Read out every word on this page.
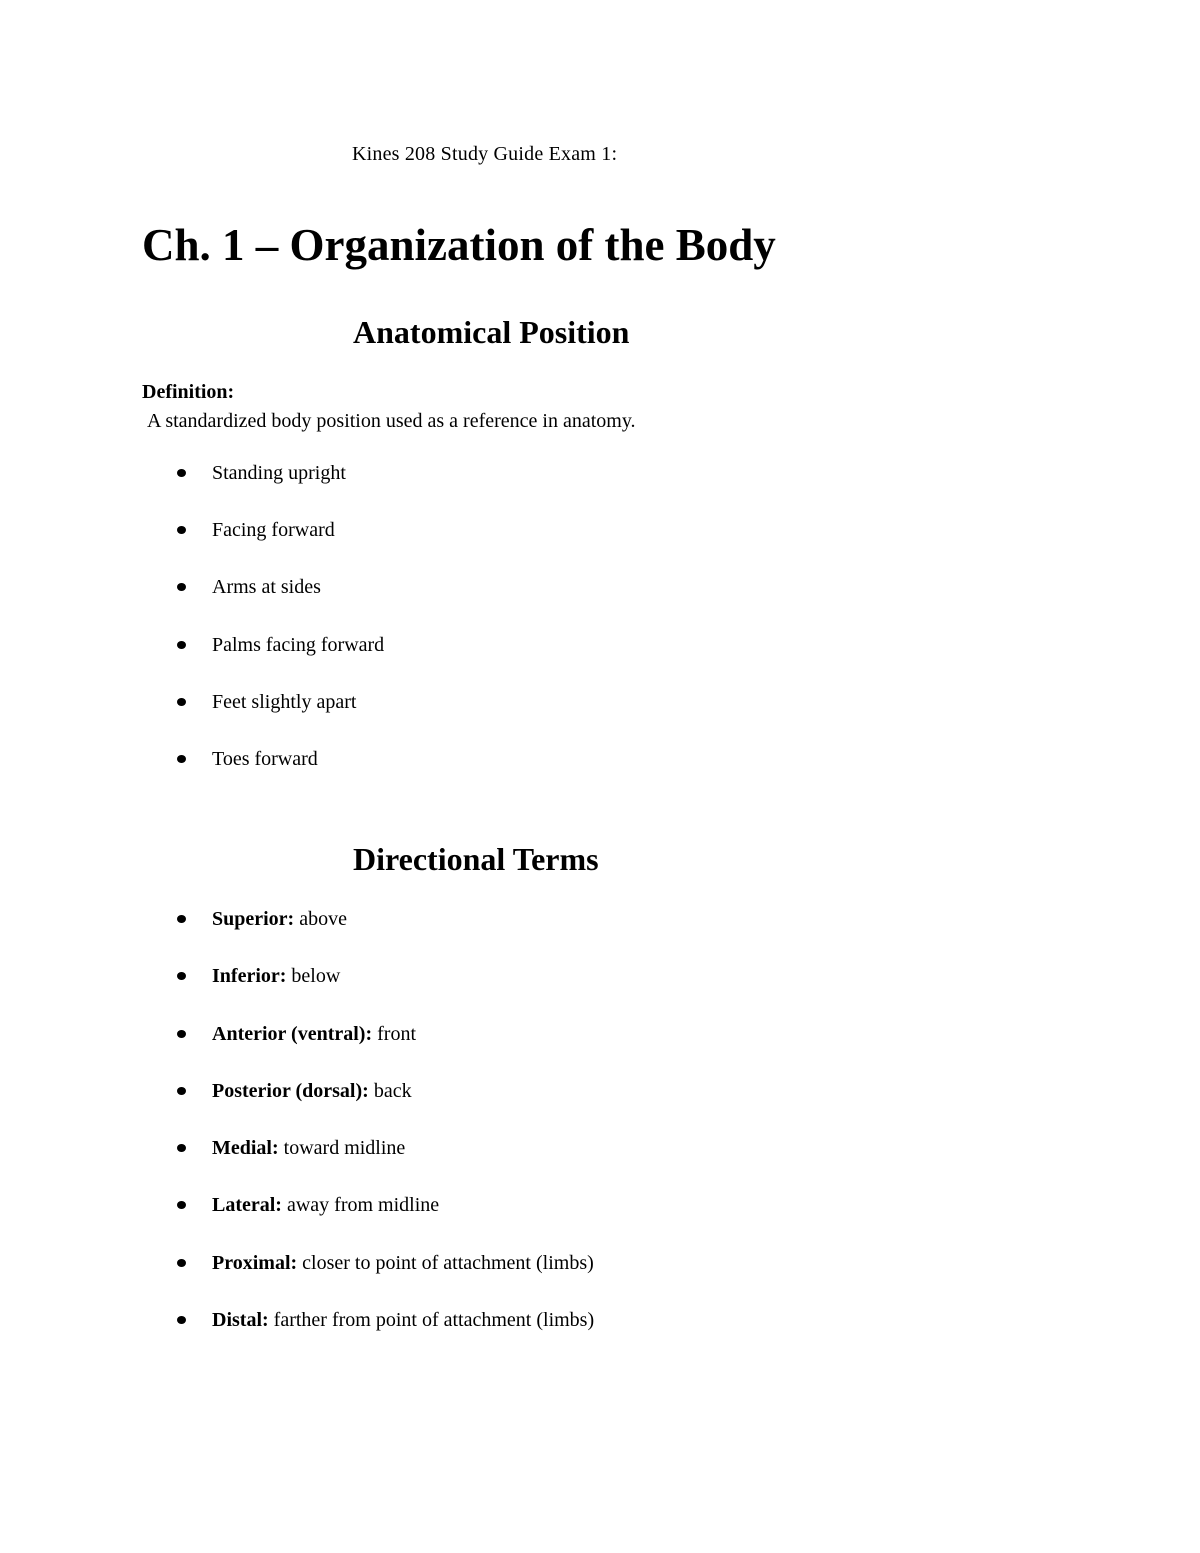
Kines 208 Study Guide Exam 1:
Ch. 1 – Organization of the Body
Anatomical Position
Definition:
A standardized body position used as a reference in anatomy.
Standing upright
Facing forward
Arms at sides
Palms facing forward
Feet slightly apart
Toes forward
Directional Terms
Superior: above
Inferior: below
Anterior (ventral): front
Posterior (dorsal): back
Medial: toward midline
Lateral: away from midline
Proximal: closer to point of attachment (limbs)
Distal: farther from point of attachment (limbs)
